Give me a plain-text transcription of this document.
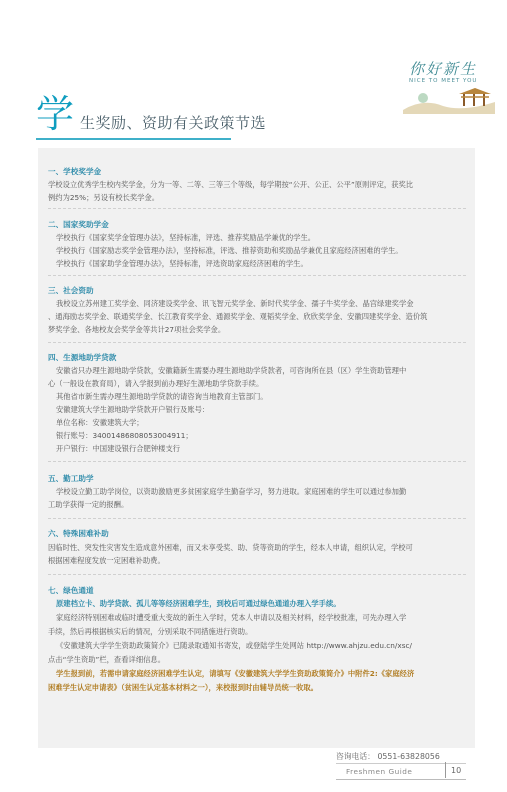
你好新生
NICE TO MEET YOU
学 生奖励、资助有关政策节选
一、学校奖学金
学校设立优秀学生校内奖学金，分为一等、二等、三等三个等级，每学期按“公开、公正、公平”原则评定，获奖比
例约为25%；另设有校长奖学金。
二、国家奖助学金
学校执行《国家奖学金管理办法》，坚持标准，评选、推荐奖励品学兼优的学生。
学校执行《国家励志奖学金管理办法》，坚持标准，评选、推荐资助和奖励品学兼优且家庭经济困难的学生。
学校执行《国家助学金管理办法》，坚持标准，评选资助家庭经济困难的学生。
三、社会资助
我校设立苏州建工奖学金、同济建设奖学金、讯飞智元奖学金、新时代奖学金、孺子牛奖学金、晶宫绿建奖学金
、通海励志奖学金、联通奖学金、长江教育奖学金、通源奖学金、观韬奖学金、欣欣奖学金、安徽四建奖学金、造价筑
梦奖学金、各地校友会奖学金等共计27项社会奖学金。
四、生源地助学贷款
安徽省只办理生源地助学贷款，安徽籍新生需要办理生源地助学贷款者，可咨询所在县（区）学生资助管理中
心（一般设在教育局），请入学报到前办理好生源地助学贷款手续。
其他省市新生需办理生源地助学贷款的请咨询当地教育主管部门。
安徽建筑大学生源地助学贷款开户银行及账号：
单位名称：安徽建筑大学；
银行账号：340014868080530049​11；
开户银行：中国建设银行合肥钟楼支行
五、勤工助学
学校设立勤工助学岗位，以资助激励更多贫困家庭学生勤奋学习，努力进取。家庭困难的学生可以通过参加勤
工助学获得一定的报酬。
六、特殊困难补助
因临时性、突发性灾害发生造成意外困难，而又未享受奖、助、贷等资助的学生，经本人申请，组织认定，学校可
根据困难程度发放一定困难补助费。
七、绿色通道
原建档立卡、助学贷款、孤儿等等经济困难学生，到校后可通过绿色通道办理入学手续。
家庭经济特别困难或临时遭受重大变故的新生入学时，凭本人申请以及相关材料，经学校批准，可先办理入学
手续，然后再根据核实后的情况，分别采取不同措施进行资助。
《安徽建筑大学学生资助政策简介》已随录取通知书寄发，或登陆学生处网站 http://www.ahjzu.edu.cn/xsc/
点击“学生资助”栏，查看详细信息。
学生报到前，若需申请家庭经济困难学生认定，请填写《安徽建筑大学学生资助政策简介》中附件2:《家庭经济
困难学生认定申请表》（贫困生认定基本材料之一），来校报到时由辅导员统一收取。
咨询电话： 0551-63828056
Freshmen Guide	10
